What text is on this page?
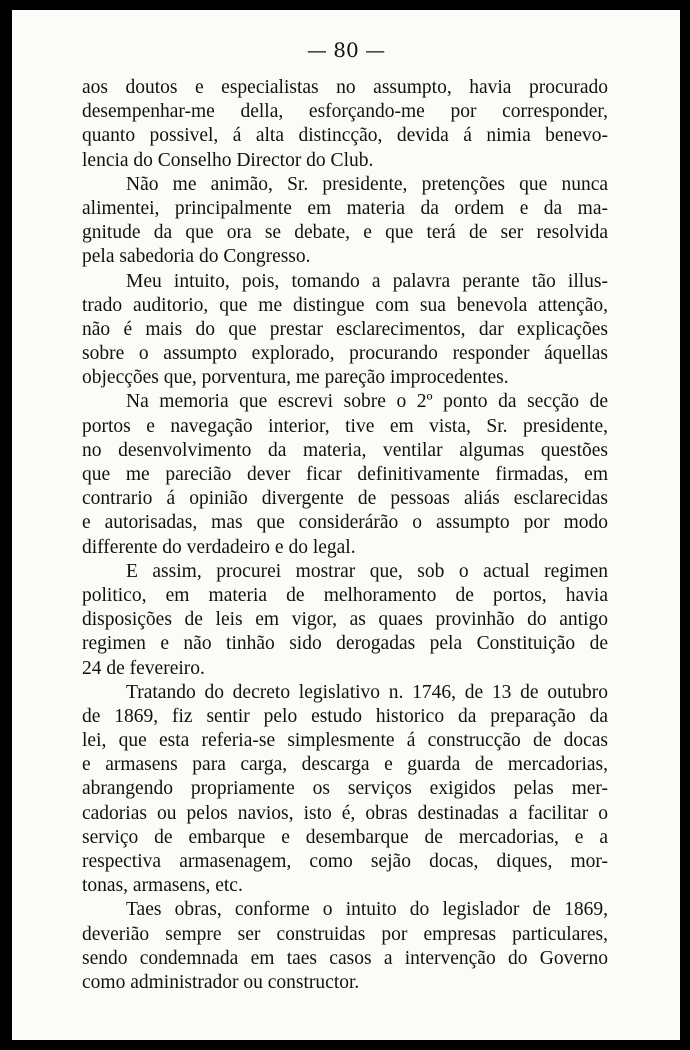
— 80 —
aos doutos e especialistas no assumpto, havia procurado
desempenhar-me della, esforçando-me por corresponder,
quanto possivel, á alta distincção, devida á nimia benevo-
lencia do Conselho Director do Club.
Não me animão, Sr. presidente, pretenções que nunca
alimentei, principalmente em materia da ordem e da ma-
gnitude da que ora se debate, e que terá de ser resolvida
pela sabedoria do Congresso.
Meu intuito, pois, tomando a palavra perante tão illus-
trado auditorio, que me distingue com sua benevola attenção,
não é mais do que prestar esclarecimentos, dar explicações
sobre o assumpto explorado, procurando responder áquellas
objecções que, porventura, me pareção improcedentes.
Na memoria que escrevi sobre o 2º ponto da secção de
portos e navegação interior, tive em vista, Sr. presidente,
no desenvolvimento da materia, ventilar algumas questões
que me parecião dever ficar definitivamente firmadas, em
contrario á opinião divergente de pessoas aliás esclarecidas
e autorisadas, mas que considerárão o assumpto por modo
differente do verdadeiro e do legal.
E assim, procurei mostrar que, sob o actual regimen
politico, em materia de melhoramento de portos, havia
disposições de leis em vigor, as quaes provinhão do antigo
regimen e não tinhão sido derogadas pela Constituição de
24 de fevereiro.
Tratando do decreto legislativo n. 1746, de 13 de outubro
de 1869, fiz sentir pelo estudo historico da preparação da
lei, que esta referia-se simplesmente á construcção de docas
e armasens para carga, descarga e guarda de mercadorias,
abrangendo propriamente os serviços exigidos pelas mer-
cadorias ou pelos navios, isto é, obras destinadas a facilitar o
serviço de embarque e desembarque de mercadorias, e a
respectiva armasenagem, como sejão docas, diques, mor-
tonas, armasens, etc.
Taes obras, conforme o intuito do legislador de 1869,
deverião sempre ser construidas por empresas particulares,
sendo condemnada em taes casos a intervenção do Governo
como administrador ou constructor.
